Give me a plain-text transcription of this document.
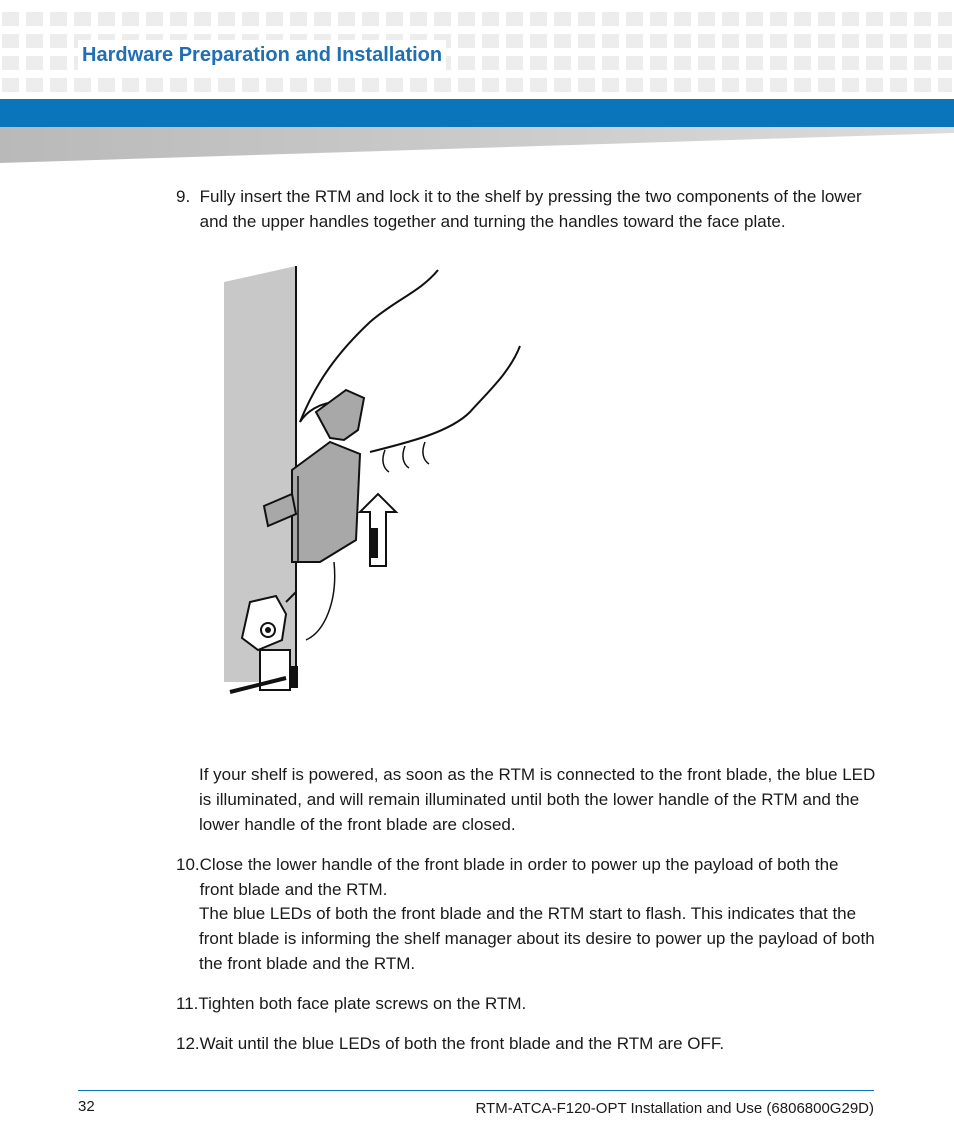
Hardware Preparation and Installation
9. Fully insert the RTM and lock it to the shelf by pressing the two components of the lower and the upper handles together and turning the handles toward the face plate.
If your shelf is powered, as soon as the RTM is connected to the front blade, the blue LED is illuminated, and will remain illuminated until both the lower handle of the RTM and the lower handle of the front blade are closed.
10. Close the lower handle of the front blade in order to power up the payload of both the front blade and the RTM.
The blue LEDs of both the front blade and the RTM start to flash. This indicates that the front blade is informing the shelf manager about its desire to power up the payload of both the front blade and the RTM.
11. Tighten both face plate screws on the RTM.
12. Wait until the blue LEDs of both the front blade and the RTM are OFF.
32	RTM-ATCA-F120-OPT Installation and Use (6806800G29D)
